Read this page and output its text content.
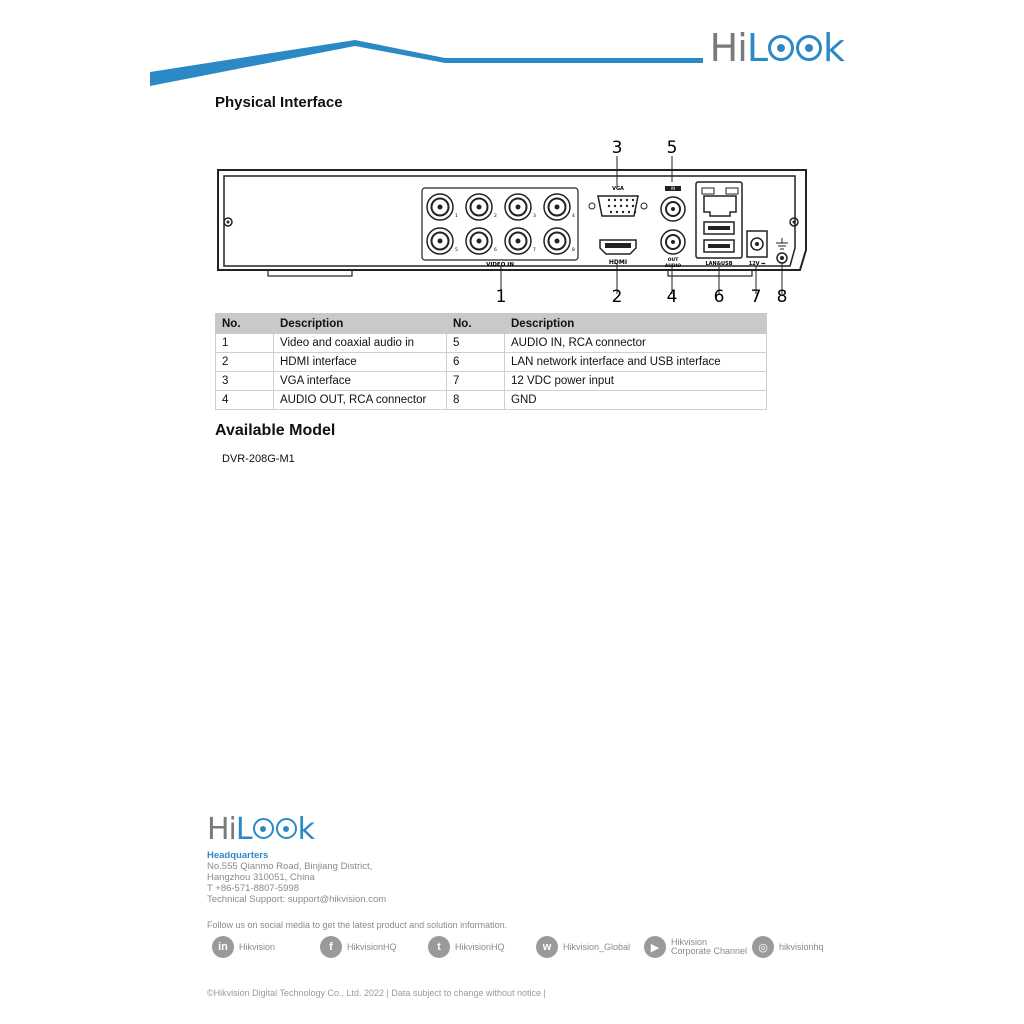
HiL k
Physical Interface
1	2	3	4
5	6	7	8
VIDEO IN
VGA
HDMI
IN
OUT
AUDIO	LAN&USB	12V ⎓
3	5
1	2	4 6 7 8
No.	Description	No.	Description
1	Video and coaxial audio in	5	AUDIO IN, RCA connector
2	HDMI interface	6	LAN network interface and USB interface
3	VGA interface	7	12 VDC power input
4	AUDIO OUT, RCA connector	8	GND
Available Model
DVR-208G-M1
HiL k
Headquarters
No.555 Qianmo Road, Binjiang District,
Hangzhou 310051, China
T +86-571-8807-5998
Technical Support: support@hikvision.com
Follow us on social media to get the latest product and solution information.
in	Hikvision	f	HikvisionHQ	t	HikvisionHQ	w	Hikvision_Global	▶	Hikvision
Corporate Channel	◎	hikvisionhq
©Hikvision Digital Technology Co., Ltd. 2022 | Data subject to change without notice |
